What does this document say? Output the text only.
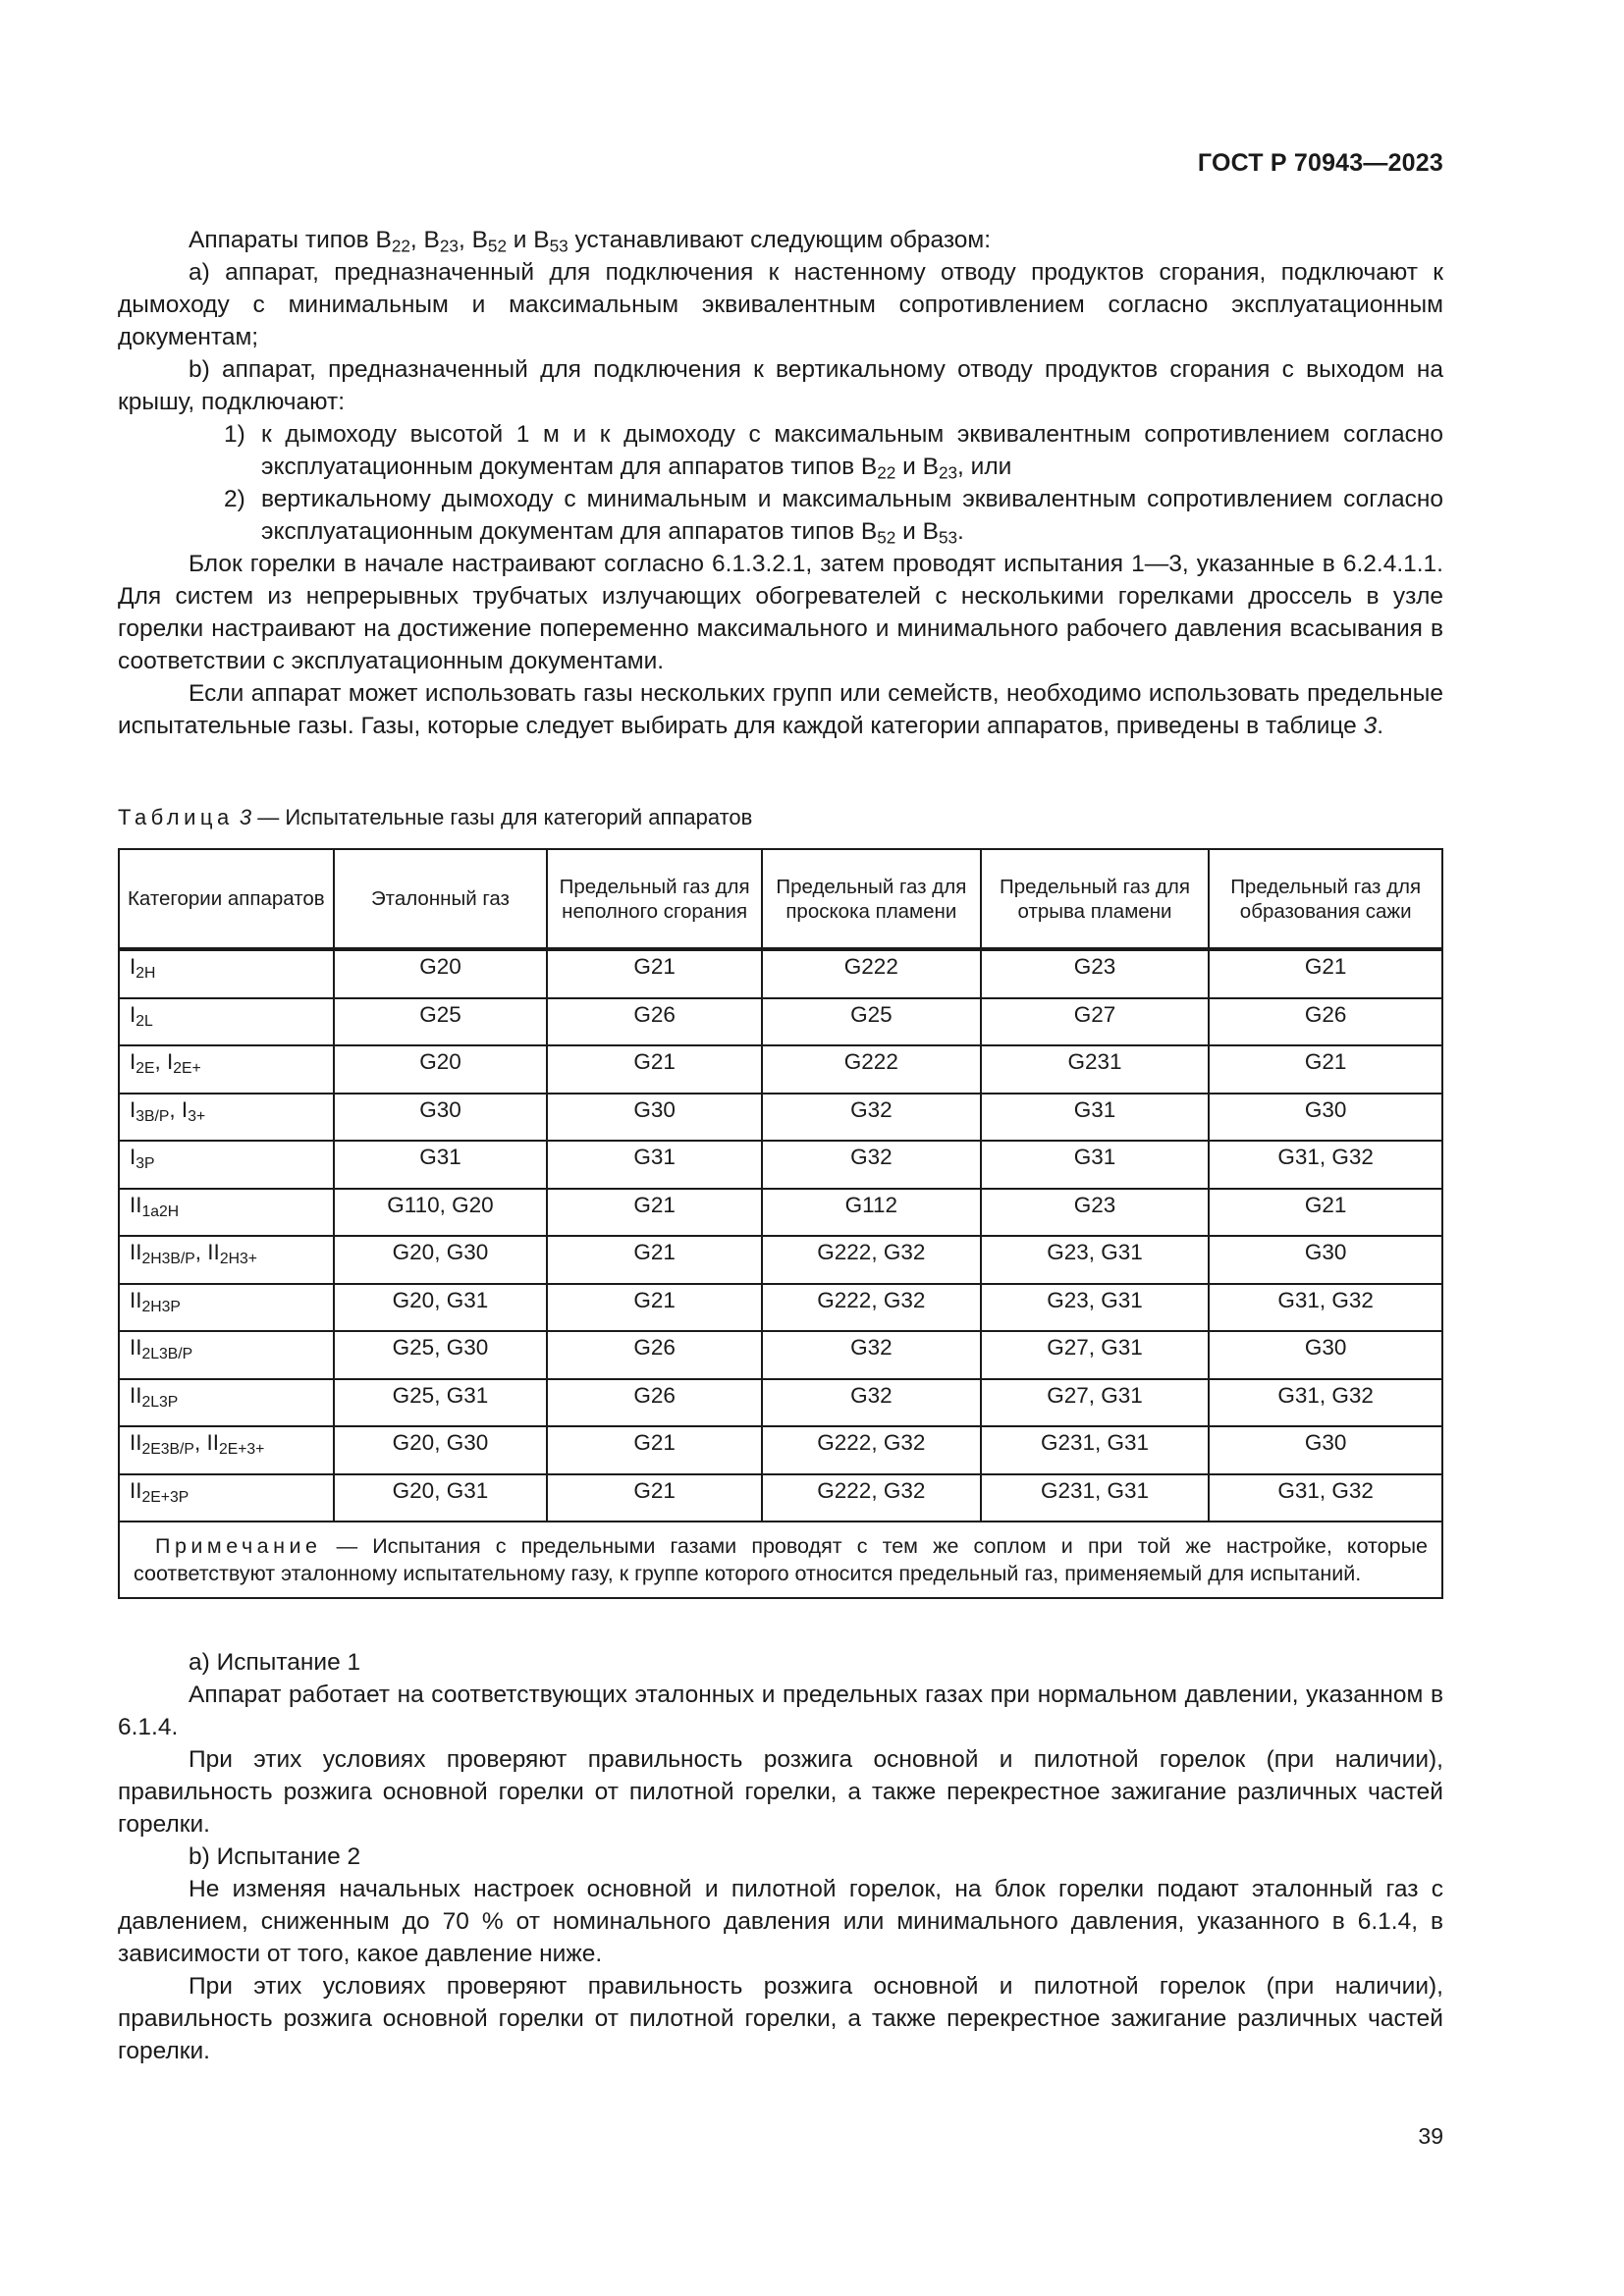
ГОСТ Р 70943—2023

Аппараты типов $B_{22}$, $B_{23}$, $B_{52}$ и $B_{53}$ устанавливают следующим образом:

a) аппарат, предназначенный для подключения к настенному отводу продуктов сгорания, подключают к дымоходу с минимальным и максимальным эквивалентным сопротивлением согласно эксплуатационным документам;

b) аппарат, предназначенный для подключения к вертикальному отводу продуктов сгорания с выходом на крышу, подключают:

1) к дымоходу высотой 1 м и к дымоходу с максимальным эквивалентным сопротивлением согласно эксплуатационным документам для аппаратов типов $B_{22}$ и $B_{23}$, или
2) вертикальному дымоходу с минимальным и максимальным эквивалентным сопротивлением согласно эксплуатационным документам для аппаратов типов $B_{52}$ и $B_{53}$.

Блок горелки в начале настраивают согласно 6.1.3.2.1, затем проводят испытания 1—3, указанные в 6.2.4.1.1. Для систем из непрерывных трубчатых излучающих обогревателей с несколькими горелками дроссель в узле горелки настраивают на достижение попеременно максимального и минимального рабочего давления всасывания в соответствии с эксплуатационным документами.

Если аппарат может использовать газы нескольких групп или семейств, необходимо использовать предельные испытательные газы. Газы, которые следует выбирать для каждой категории аппаратов, приведены в таблице 3.

Таблица 3 — Испытательные газы для категорий аппаратов
Категории аппаратов	Эталонный газ	Предельный газ для неполного сгорания	Предельный газ для проскока пламени	Предельный газ для отрыва пламени	Предельный газ для образования сажи
$I_{2H}$	G20	G21	G222	G23	G21
$I_{2L}$	G25	G26	G25	G27	G26
$I_{2E}$, $I_{2E+}$	G20	G21	G222	G231	G21
$I_{3B/P}$, $I_{3+}$	G30	G30	G32	G31	G30
$I_{3P}$	G31	G31	G32	G31	G31, G32
$II_{1a2H}$	G110, G20	G21	G112	G23	G21
$II_{2H3B/P}$, $II_{2H3+}$	G20, G30	G21	G222, G32	G23, G31	G30
$II_{2H3P}$	G20, G31	G21	G222, G32	G23, G31	G31, G32
$II_{2L3B/P}$	G25, G30	G26	G32	G27, G31	G30
$II_{2L3P}$	G25, G31	G26	G32	G27, G31	G31, G32
$II_{2E3B/P}$, $II_{2E+3+}$	G20, G30	G21	G222, G32	G231, G31	G30
$II_{2E+3P}$	G20, G31	G21	G222, G32	G231, G31	G31, G32
Примечание — Испытания с предельными газами проводят с тем же соплом и при той же настройке, которые соответствуют эталонному испытательному газу, к группе которого относится предельный газ, применяемый для испытаний.					

a) Испытание 1

Аппарат работает на соответствующих эталонных и предельных газах при нормальном давлении, указанном в 6.1.4.

При этих условиях проверяют правильность розжига основной и пилотной горелок (при наличии), правильность розжига основной горелки от пилотной горелки, а также перекрестное зажигание различных частей горелки.

b) Испытание 2

Не изменяя начальных настроек основной и пилотной горелок, на блок горелки подают эталонный газ с давлением, сниженным до 70 % от номинального давления или минимального давления, указанного в 6.1.4, в зависимости от того, какое давление ниже.

При этих условиях проверяют правильность розжига основной и пилотной горелок (при наличии), правильность розжига основной горелки от пилотной горелки, а также перекрестное зажигание различных частей горелки.

39
